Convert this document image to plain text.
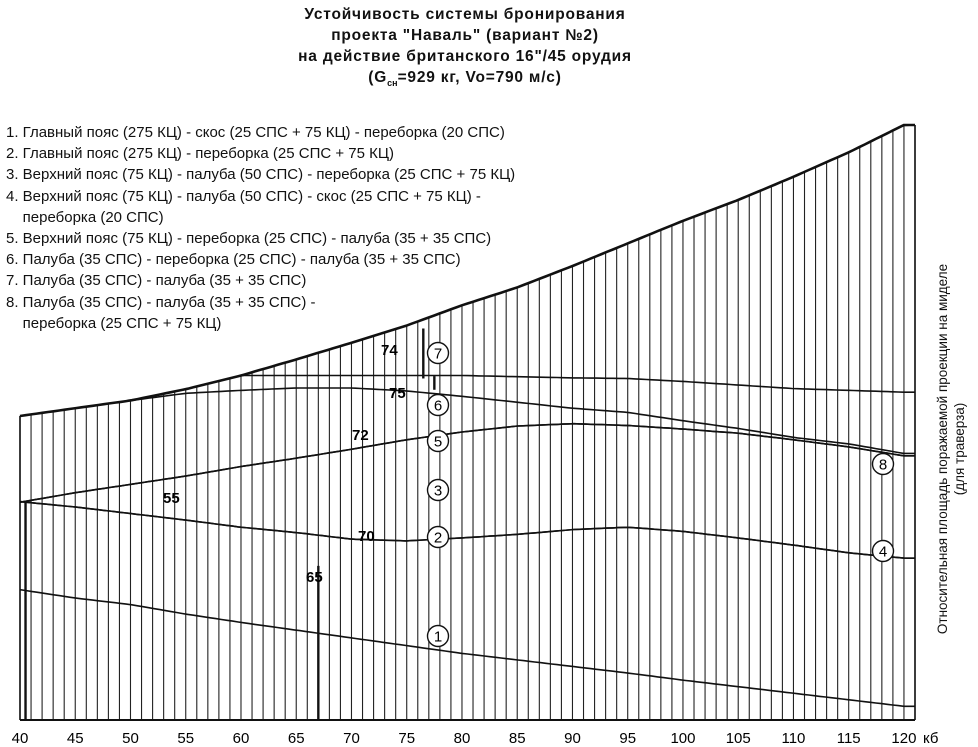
Устойчивость системы бронирования
проекта "Наваль" (вариант №2)
на действие британского 16"/45 орудия
($G_{сн}=929$ кг, Vo=790 м/с)
1. Главный пояс (275 КЦ) - скос (25 СПС + 75 КЦ) - переборка (20 СПС)
2. Главный пояс (275 КЦ) - переборка (25 СПС + 75 КЦ)
3. Верхний пояс (75 КЦ) - палуба (50 СПС) - переборка (25 СПС + 75 КЦ)
4. Верхний пояс (75 КЦ) - палуба (50 СПС) - скос (25 СПС + 75 КЦ) -
переборка (20 СПС)
5. Верхний пояс (75 КЦ) - переборка (25 СПС) - палуба (35 + 35 СПС)
6. Палуба (35 СПС) - переборка (25 СПС) - палуба (35 + 35 СПС)
7. Палуба (35 СПС) - палуба (35 + 35 СПС)
8. Палуба (35 СПС) - палуба (35 + 35 СПС) -
переборка (25 СПС + 75 КЦ)
40	45	50	55	60	65	70	75	80	85	90	95 100 105 110 115 120 кб
74
75
72
55
70
65
7
6
5
3
2
1
8
4	Относительная площадь поражаемой проекции на миделе (для траверза)
